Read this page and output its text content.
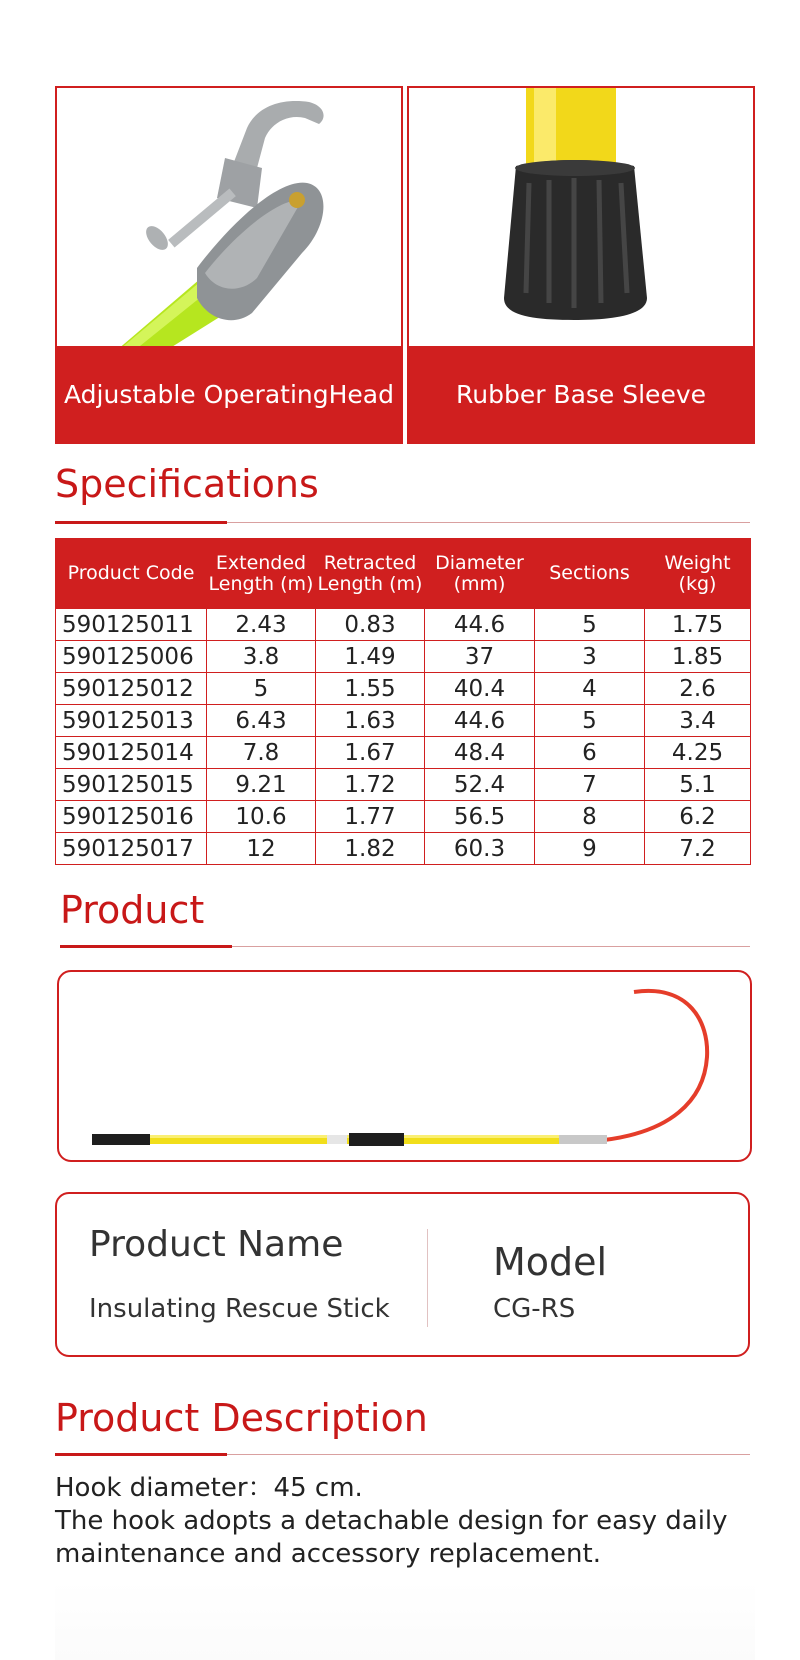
Adjustable OperatingHead	Rubber Base Sleeve
Specifications
Product Code	Extended Length (m)	Retracted Length (m)	Diameter (mm)	Sections	Weight (kg)
590125011	2.43	0.83	44.6	5	1.75
590125006	3.8	1.49	37	3	1.85
590125012	5	1.55	40.4	4	2.6
590125013	6.43	1.63	44.6	5	3.4
590125014	7.8	1.67	48.4	6	4.25
590125015	9.21	1.72	52.4	7	5.1
590125016	10.6	1.77	56.5	8	6.2
590125017	12	1.82	60.3	9	7.2
Product
Product Name
Insulating Rescue Stick
Model
CG-RS
Product Description

Hook diameter：45 cm.

The hook adopts a detachable design for easy daily

maintenance and accessory replacement.
